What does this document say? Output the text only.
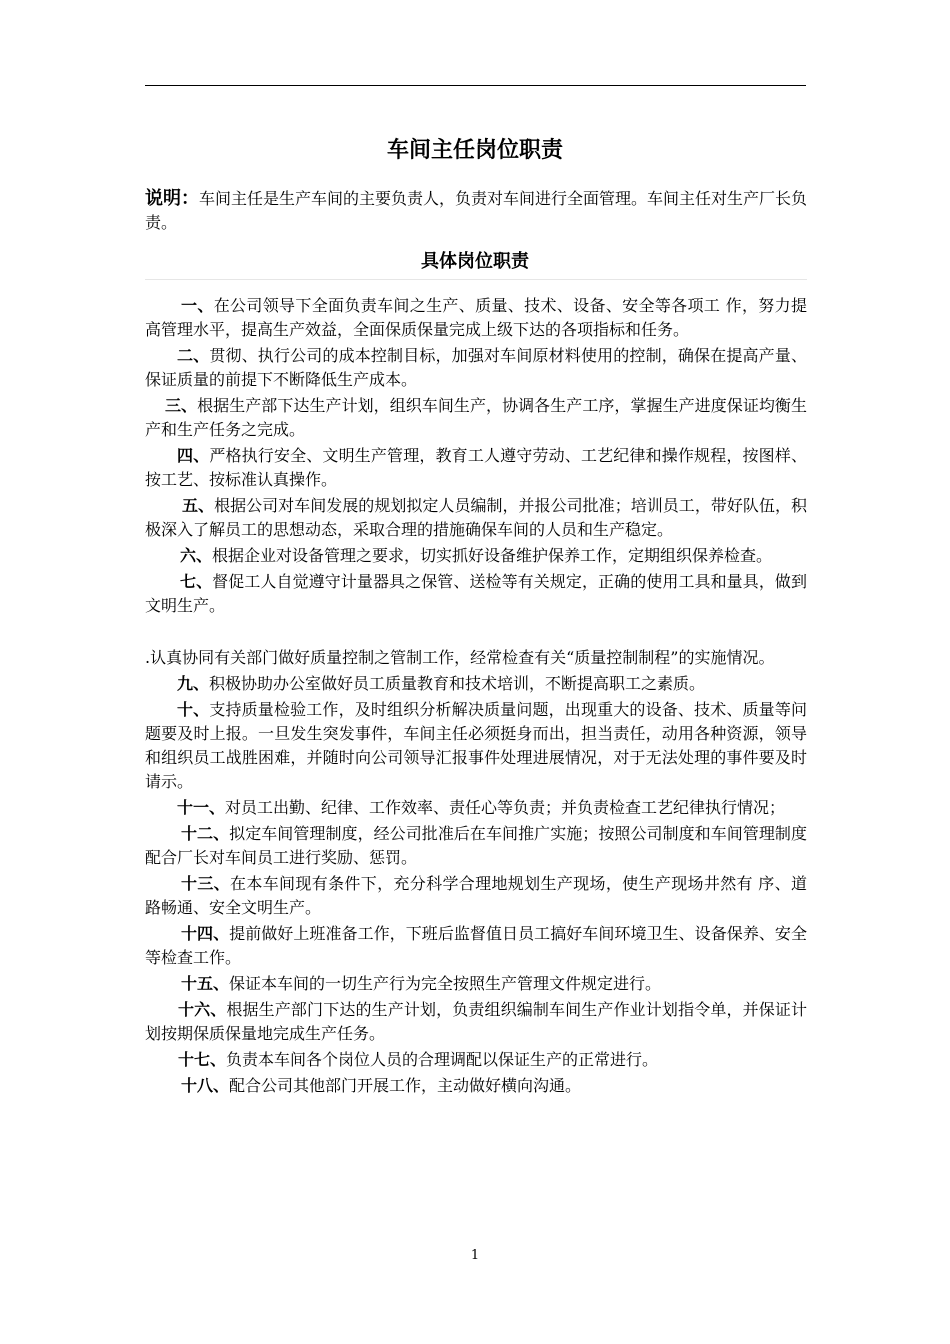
车间主任岗位职责
说明：车间主任是生产车间的主要负责人，负责对车间进行全面管理。车间主任对生产厂长负责。
具体岗位职责

一、在公司领导下全面负责车间之生产、质量、技术、设备、安全等各项工 作，努力提高管理水平，提高生产效益，全面保质保量完成上级下达的各项指标和任务。

二、贯彻、执行公司的成本控制目标，加强对车间原材料使用的控制，确保在提高产量、 保证质量的前提下不断降低生产成本。

三、根据生产部下达生产计划，组织车间生产，协调各生产工序，掌握生产进度保证均衡生产和生产任务之完成。

四、严格执行安全、文明生产管理，教育工人遵守劳动、工艺纪律和操作规程，按图样、按工艺、按标准认真操作。

五、根据公司对车间发展的规划拟定人员编制，并报公司批准；培训员工，带好队伍，积极深入了解员工的思想动态，采取合理的措施确保车间的人员和生产稳定。

六、根据企业对设备管理之要求，切实抓好设备维护保养工作，定期组织保养检查。

七、督促工人自觉遵守计量器具之保管、送检等有关规定，正确的使用工具和量具，做到文明生产。

.认真协同有关部门做好质量控制之管制工作，经常检查有关“质量控制制程”的实施情况。

九、积极协助办公室做好员工质量教育和技术培训，不断提高职工之素质。

十、支持质量检验工作，及时组织分析解决质量问题，出现重大的设备、技术、质量等问题要及时上报。一旦发生突发事件，车间主任必须挺身而出，担当责任，动用各种资源，领导和组织员工战胜困难，并随时向公司领导汇报事件处理进展情况，对于无法处理的事件要及时请示。

十一、对员工出勤、纪律、工作效率、责任心等负责；并负责检查工艺纪律执行情况；

十二、拟定车间管理制度，经公司批准后在车间推广实施；按照公司制度和车间管理制度配合厂长对车间员工进行奖励、惩罚。

十三、在本车间现有条件下，充分科学合理地规划生产现场，使生产现场井然有 序、道路畅通、安全文明生产。

十四、提前做好上班准备工作，下班后监督值日员工搞好车间环境卫生、设备保养、安全等检查工作。

十五、保证本车间的一切生产行为完全按照生产管理文件规定进行。

十六、根据生产部门下达的生产计划，负责组织编制车间生产作业计划指令单，并保证计划按期保质保量地完成生产任务。

十七、负责本车间各个岗位人员的合理调配以保证生产的正常进行。

十八、配合公司其他部门开展工作，主动做好横向沟通。

1
